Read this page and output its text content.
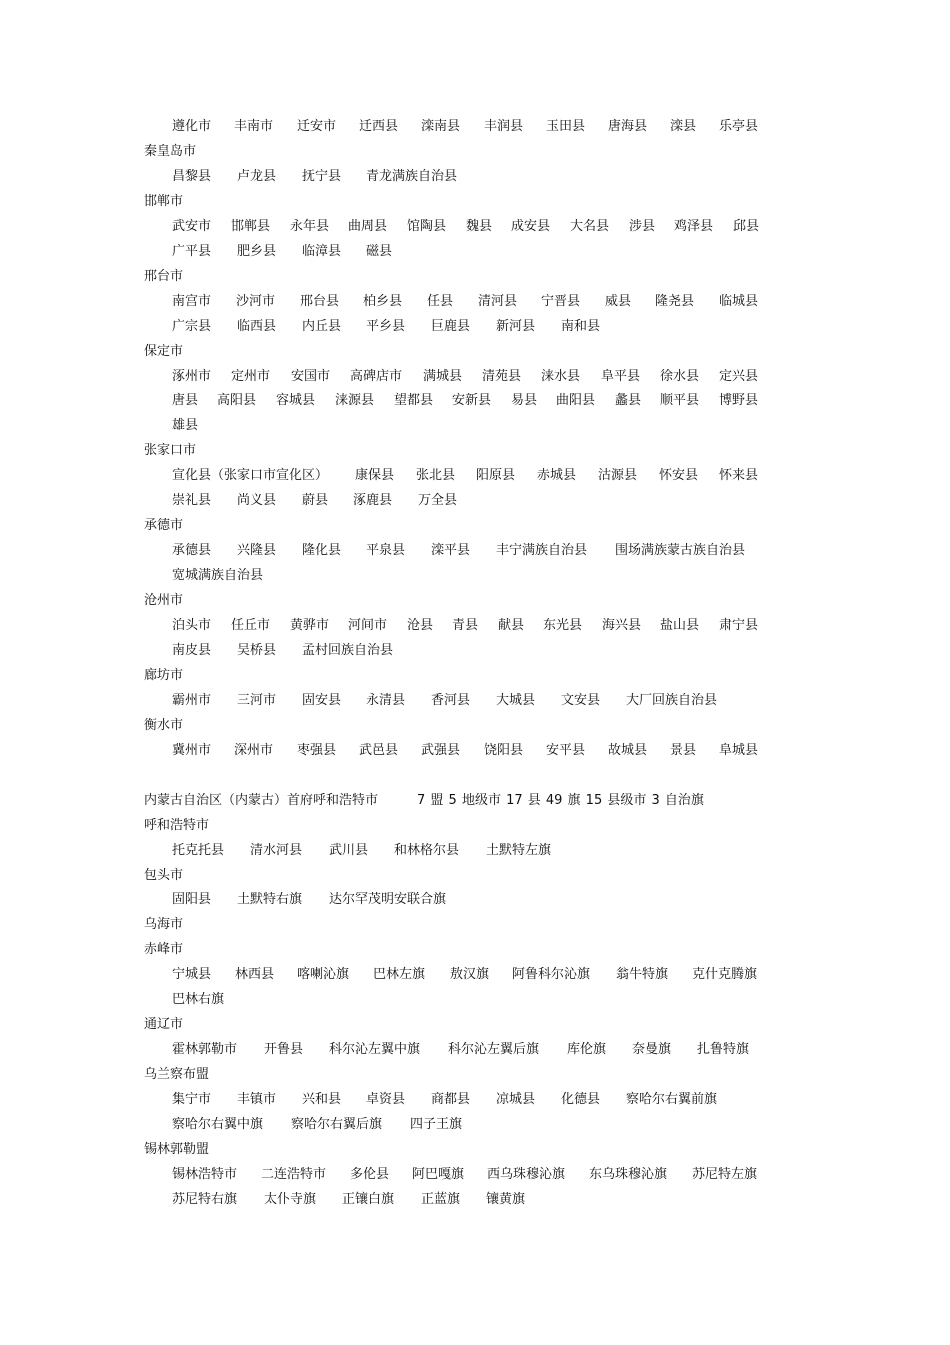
遵化市 丰南市 迁安市 迁西县 滦南县 丰润县 玉田县 唐海县 滦县 乐亭县
秦皇岛市
昌黎县 卢龙县 抚宁县 青龙满族自治县
邯郸市
武安市 邯郸县 永年县 曲周县 馆陶县 魏县 成安县 大名县 涉县 鸡泽县 邱县
广平县 肥乡县 临漳县 磁县
邢台市
南宫市 沙河市 邢台县 柏乡县 任县 清河县 宁晋县 威县 隆尧县 临城县
广宗县 临西县 内丘县 平乡县 巨鹿县 新河县 南和县
保定市
涿州市 定州市 安国市 高碑店市 满城县 清苑县 涞水县 阜平县 徐水县 定兴县
唐县 高阳县 容城县 涞源县 望都县 安新县 易县 曲阳县 蠡县 顺平县 博野县
雄县
张家口市
宣化县（张家口市宣化区） 康保县 张北县 阳原县 赤城县 沽源县 怀安县 怀来县
崇礼县 尚义县 蔚县 涿鹿县 万全县
承德市
承德县 兴隆县 隆化县 平泉县 滦平县 丰宁满族自治县 围场满族蒙古族自治县
宽城满族自治县
沧州市
泊头市 任丘市 黄骅市 河间市 沧县 青县 献县 东光县 海兴县 盐山县 肃宁县
南皮县 吴桥县 孟村回族自治县
廊坊市
霸州市 三河市 固安县 永清县 香河县 大城县 文安县 大厂回族自治县
衡水市
冀州市 深州市 枣强县 武邑县 武强县 饶阳县 安平县 故城县 景县 阜城县
内蒙古自治区（内蒙古）首府呼和浩特市	7 盟 5 地级市 17 县 49 旗 15 县级市 3 自治旗
呼和浩特市
托克托县 清水河县 武川县 和林格尔县 土默特左旗
包头市
固阳县 土默特右旗 达尔罕茂明安联合旗
乌海市
赤峰市
宁城县 林西县 喀喇沁旗 巴林左旗 敖汉旗 阿鲁科尔沁旗 翁牛特旗 克什克腾旗
巴林右旗
通辽市
霍林郭勒市 开鲁县 科尔沁左翼中旗 科尔沁左翼后旗 库伦旗 奈曼旗 扎鲁特旗
乌兰察布盟
集宁市 丰镇市 兴和县 卓资县 商都县 凉城县 化德县 察哈尔右翼前旗
察哈尔右翼中旗 察哈尔右翼后旗 四子王旗
锡林郭勒盟
锡林浩特市 二连浩特市 多伦县 阿巴嘎旗 西乌珠穆沁旗 东乌珠穆沁旗 苏尼特左旗
苏尼特右旗 太仆寺旗 正镶白旗 正蓝旗 镶黄旗
